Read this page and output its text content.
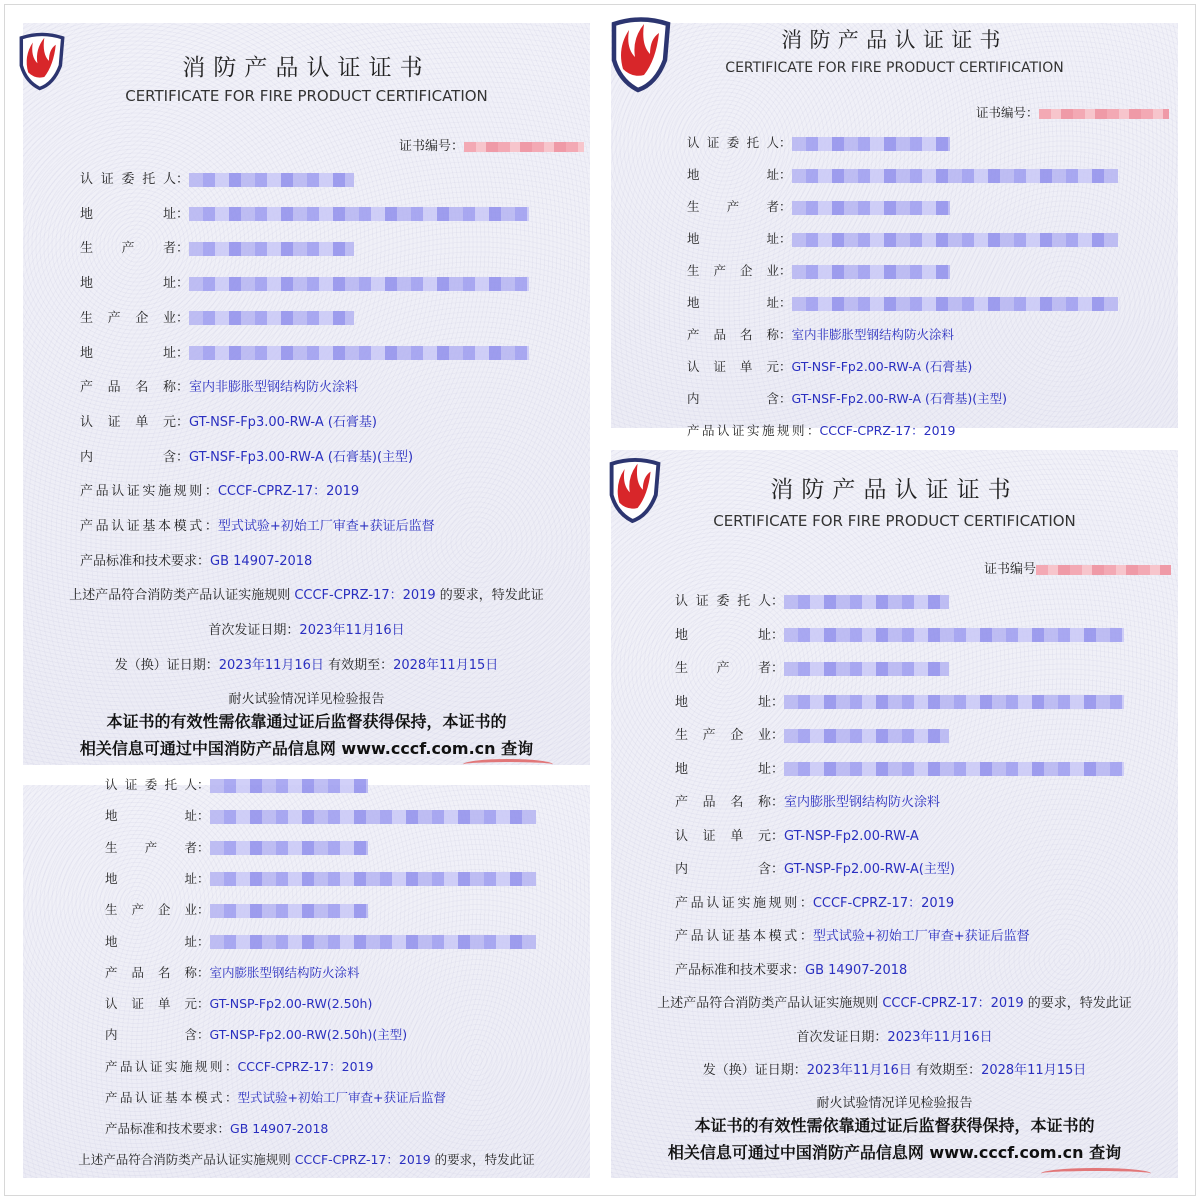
消防产品认证证书
CERTIFICATE FOR FIRE PRODUCT CERTIFICATION
证书编号：
认证委托人：
地址：
生产者：
地址：
生产企业：
地址：
产品名称：室内非膨胀型钢结构防火涂料
认证单元：GT-NSF-Fp3.00-RW-A (石膏基)
内含：GT-NSF-Fp3.00-RW-A (石膏基)(主型)
产品认证实施规则：CCCF-CPRZ-17：2019
产品认证基本模式：型式试验+初始工厂审查+获证后监督
产品标准和技术要求：GB 14907-2018
上述产品符合消防类产品认证实施规则 CCCF-CPRZ-17：2019 的要求，特发此证
首次发证日期：2023年11月16日
发（换）证日期：2023年11月16日 有效期至：2028年11月15日
耐火试验情况详见检验报告
本证书的有效性需依靠通过证后监督获得保持，本证书的
相关信息可通过中国消防产品信息网 www.cccf.com.cn 查询
消防产品认证证书
CERTIFICATE FOR FIRE PRODUCT CERTIFICATION
证书编号：
认证委托人：
地址：
生产者：
地址：
生产企业：
地址：
产品名称：室内非膨胀型钢结构防火涂料
认证单元：GT-NSF-Fp2.00-RW-A (石膏基)
内含：GT-NSF-Fp2.00-RW-A (石膏基)(主型)
产品认证实施规则：CCCF-CPRZ-17：2019
认证委托人：
地址：
生产者：
地址：
生产企业：
地址：
产品名称：室内膨胀型钢结构防火涂料
认证单元：GT-NSP-Fp2.00-RW(2.50h)
内含：GT-NSP-Fp2.00-RW(2.50h)(主型)
产品认证实施规则：CCCF-CPRZ-17：2019
产品认证基本模式：型式试验+初始工厂审查+获证后监督
产品标准和技术要求：GB 14907-2018
上述产品符合消防类产品认证实施规则 CCCF-CPRZ-17：2019 的要求，特发此证
消防产品认证证书
CERTIFICATE FOR FIRE PRODUCT CERTIFICATION
证书编号
认证委托人：
地址：
生产者：
地址：
生产企业：
地址：
产品名称：室内膨胀型钢结构防火涂料
认证单元：GT-NSP-Fp2.00-RW-A
内含：GT-NSP-Fp2.00-RW-A(主型)
产品认证实施规则：CCCF-CPRZ-17：2019
产品认证基本模式：型式试验+初始工厂审查+获证后监督
产品标准和技术要求：GB 14907-2018
上述产品符合消防类产品认证实施规则 CCCF-CPRZ-17：2019 的要求，特发此证
首次发证日期：2023年11月16日
发（换）证日期：2023年11月16日 有效期至：2028年11月15日
耐火试验情况详见检验报告
本证书的有效性需依靠通过证后监督获得保持，本证书的
相关信息可通过中国消防产品信息网 www.cccf.com.cn 查询
